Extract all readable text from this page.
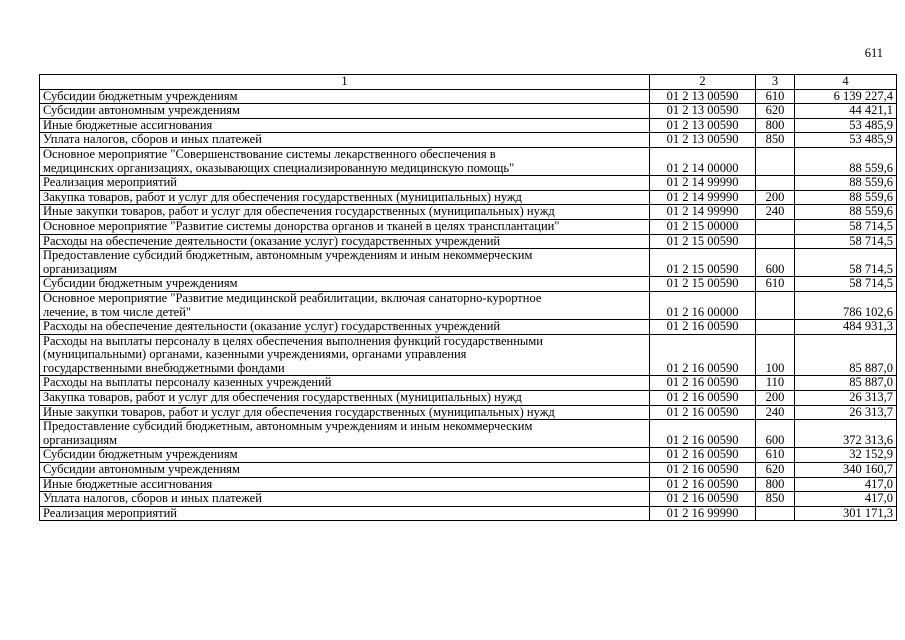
611
1	2	3	4

Субсидии бюджетным учреждениям	01 2 13 00590	610	6 139 227,4

Субсидии автономным учреждениям	01 2 13 00590	620	44 421,1

Иные бюджетные ассигнования	01 2 13 00590	800	53 485,9

Уплата налогов, сборов и иных платежей	01 2 13 00590	850	53 485,9

Основное мероприятие "Совершенствование системы лекарственного обеспечения в
медицинских организациях, оказывающих специализированную медицинскую помощь"	01 2 14 00000		88 559,6

Реализация мероприятий	01 2 14 99990		88 559,6

Закупка товаров, работ и услуг для обеспечения государственных (муниципальных) нужд	01 2 14 99990	200	88 559,6

Иные закупки товаров, работ и услуг для обеспечения государственных (муниципальных) нужд	01 2 14 99990	240	88 559,6

Основное мероприятие "Развитие системы донорства органов и тканей в целях трансплантации"	01 2 15 00000		58 714,5

Расходы на обеспечение деятельности (оказание услуг) государственных учреждений	01 2 15 00590		58 714,5

Предоставление субсидий бюджетным, автономным учреждениям и иным некоммерческим
организациям	01 2 15 00590	600	58 714,5

Субсидии бюджетным учреждениям	01 2 15 00590	610	58 714,5

Основное мероприятие "Развитие медицинской реабилитации, включая санаторно-курортное
лечение, в том числе детей"	01 2 16 00000		786 102,6

Расходы на обеспечение деятельности (оказание услуг) государственных учреждений	01 2 16 00590		484 931,3

Расходы на выплаты персоналу в целях обеспечения выполнения функций государственными
(муниципальными) органами, казенными учреждениями, органами управления
государственными внебюджетными фондами	01 2 16 00590	100	85 887,0

Расходы на выплаты персоналу казенных учреждений	01 2 16 00590	110	85 887,0

Закупка товаров, работ и услуг для обеспечения государственных (муниципальных) нужд	01 2 16 00590	200	26 313,7

Иные закупки товаров, работ и услуг для обеспечения государственных (муниципальных) нужд	01 2 16 00590	240	26 313,7

Предоставление субсидий бюджетным, автономным учреждениям и иным некоммерческим
организациям	01 2 16 00590	600	372 313,6

Субсидии бюджетным учреждениям	01 2 16 00590	610	32 152,9

Субсидии автономным учреждениям	01 2 16 00590	620	340 160,7

Иные бюджетные ассигнования	01 2 16 00590	800	417,0

Уплата налогов, сборов и иных платежей	01 2 16 00590	850	417,0

Реализация мероприятий	01 2 16 99990		301 171,3
